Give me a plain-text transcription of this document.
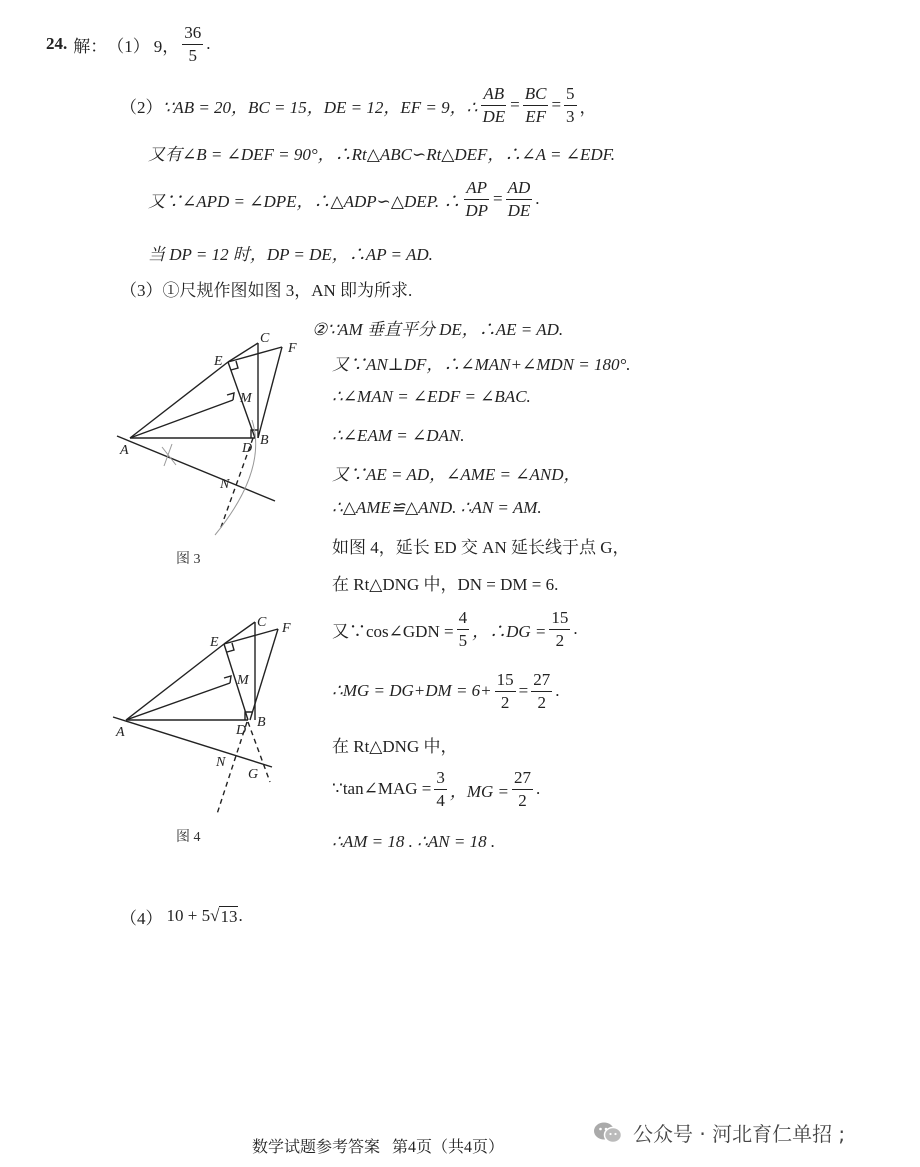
24. 解： （1） 9， $\frac{36}{5}$ .
（2） ∵AB = 20，BC = 15，DE = 12，EF = 9，∴ $\frac{AB}{DE} = \frac{BC}{EF} = \frac{5}{3}$ ，
又有∠B = ∠DEF = 90°，∴Rt△ABC∽Rt△DEF，∴∠A = ∠EDF.
又∵∠APD = ∠DPE，∴△ADP∽△DEP. ∴ $\frac{AP}{DP} = \frac{AD}{DE}$ .
当 DP = 12 时，DP = DE，∴AP = AD.
（3） ①尺规作图如图 3，AN 即为所求.
②∵AM 垂直平分 DE，∴AE = AD.
又∵AN⊥DF，∴∠MAN+∠MDN = 180°.
∴∠MAN = ∠EDF = ∠BAC.
∴∠EAM = ∠DAN.
又∵AE = AD，∠AME = ∠AND，
∴△AME≌△AND. ∴AN = AM.
如图 4，延长 ED 交 AN 延长线于点 G，
在 Rt△DNG 中，DN = DM = 6.
又∵cos∠GDN = $\frac{4}{5}$ ，∴DG = $\frac{15}{2}$ .
∴MG = $DG+DM = 6+ \frac{15}{2} = \frac{27}{2}$ .
在 Rt△DNG 中，
∵tan∠MAG = $\frac{3}{4}$ ，MG = $\frac{27}{2}$ .
∴AM = 18 . ∴AN = 18 .
（4） 10 + 5 √ 13 .
A
B
C
D
E
F
M
N
图 3
A
B
C
D
E
F
M
N
G
图 4
数学试题参考答案   第4页（共4页）
公众号 · 河北育仁单招 ;
